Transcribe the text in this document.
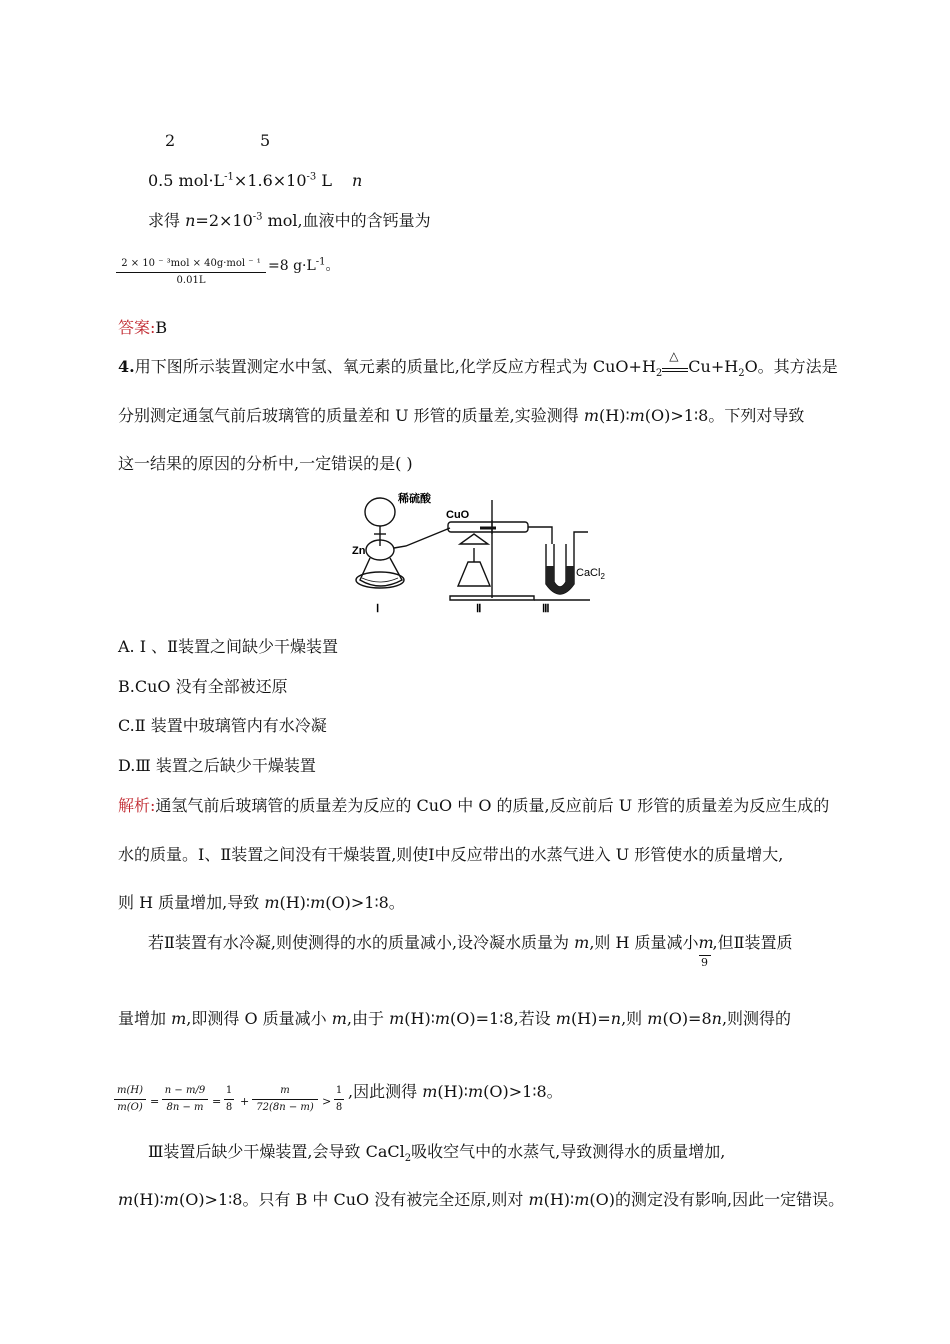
2	5
0.5 $mol\cdot L^{-1}\times 1.6\times 10^{-3}$ L n
求得 $n=2\times 10^{-3}$ mol,血液中的含钙量为
2 × 10 ⁻ ³mol × 40g·mol ⁻ ¹
0.01L
=8 $g\cdot L^{-1}$。
答案:B
4.用下图所示装置测定水中氢、氧元素的质量比,化学反应方程式为 $CuO+H_2$
△
$Cu+H_2O$。其方法是
分别测定通氢气前后玻璃管的质量差和 U 形管的质量差,实验测得 m(H)∶m(O)>1∶8。下列对导致
这一结果的原因的分析中,一定错误的是( )
稀硫酸
CuO
Zn
CaCl$_2$
Ⅰ	Ⅱ	Ⅲ
A. Ⅰ 、Ⅱ装置之间缺少干燥装置
B.CuO 没有全部被还原
C.Ⅱ 装置中玻璃管内有水冷凝
D.Ⅲ 装置之后缺少干燥装置
解析:通氢气前后玻璃管的质量差为反应的 CuO 中 O 的质量,反应前后 U 形管的质量差为反应生成的
水的质量。Ⅰ、Ⅱ装置之间没有干燥装置,则使Ⅰ中反应带出的水蒸气进入 U 形管使水的质量增大,
则 H 质量增加,导致 m(H)∶m(O)>1∶8。
若Ⅱ装置有水冷凝,则使测得的水的质量减小,设冷凝水质量为 m,则 H 质量减小m
9
,但Ⅱ装置质
量增加 m,即测得 O 质量减小 m,由于 m(H)∶m(O)=1∶8,若设 m(H)=n,则 m(O)=8n,则测得的
m(H)
m(O) =
n − m/9
8n − m =
1
8 +
m
72(8n − m) >
1
8
,因此测得 m(H)∶m(O)>1∶8。
Ⅲ装置后缺少干燥装置,会导致 CaCl$_2$吸收空气中的水蒸气,导致测得水的质量增加,
m(H)∶m(O)>1∶8。只有 B 中 CuO 没有被完全还原,则对 m(H)∶m(O)的测定没有影响,因此一定错误。
